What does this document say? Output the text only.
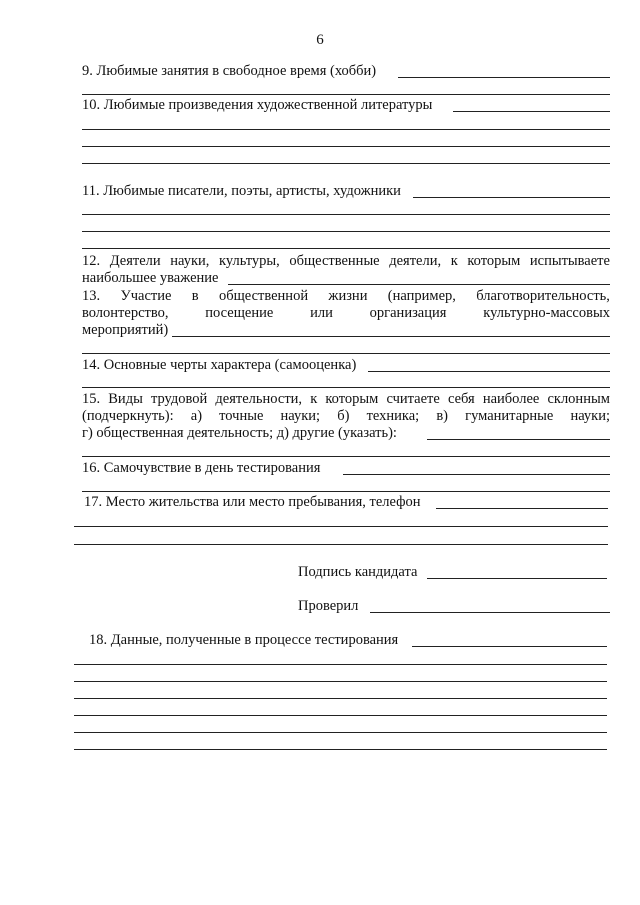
6
9. Любимые занятия в свободное время (хобби)
10. Любимые произведения художественной литературы
11. Любимые писатели, поэты, артисты, художники
12. Деятели науки, культуры, общественные деятели, к которым испытываете
наибольшее уважение
13. Участие в общественной жизни (например, благотворительность,
волонтерство,	посещение	или	организация	культурно-массовых
мероприятий)
14. Основные черты характера (самооценка)
15. Виды трудовой деятельности, к которым считаете себя наиболее склонным
(подчеркнуть): а) точные науки; б) техника; в) гуманитарные науки;
г) общественная деятельность; д) другие (указать):
16. Самочувствие в день тестирования
17. Место жительства или место пребывания, телефон
Подпись кандидата
Проверил
18. Данные, полученные в процессе тестирования
